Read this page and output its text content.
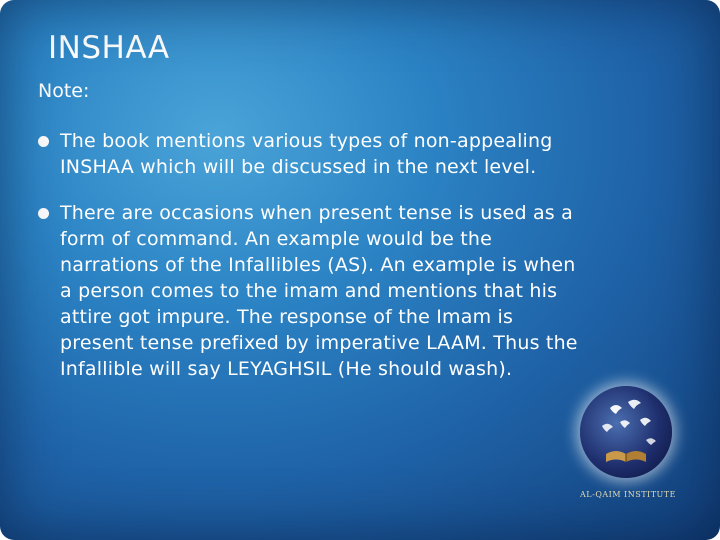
INSHAA

Note:

The book mentions various types of non-appealing INSHAA which will be discussed in the next level.
There are occasions when present tense is used as a form of command. An example would be the narrations of the Infallibles (AS). An example is when a person comes to the imam and mentions that his attire got impure. The response of the Imam is present tense prefixed by imperative LAAM. Thus the Infallible will say LEYAGHSIL (He should wash).
AL-QAIM INSTITUTE
